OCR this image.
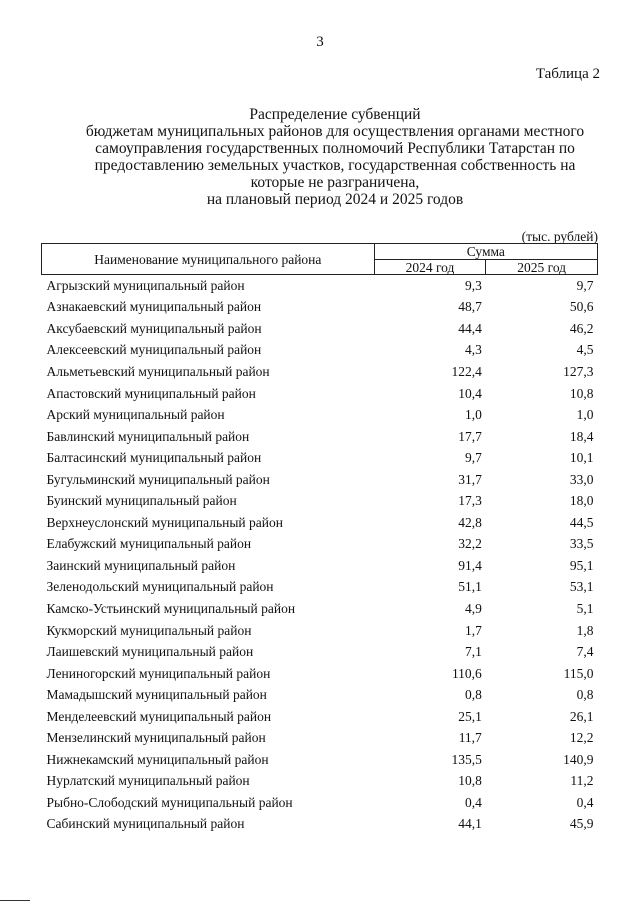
3
Таблица 2
Распределение субвенций
бюджетам муниципальных районов для осуществления органами местного
самоуправления государственных полномочий Республики Татарстан по
предоставлению земельных участков, государственная собственность на
которые не разграничена,
на плановый период 2024 и 2025 годов
(тыс. рублей)
Наименование муниципального района	Сумма	
	2024 год	2025 год
Агрызский муниципальный район	9,3	9,7
Азнакаевский муниципальный район	48,7	50,6
Аксубаевский муниципальный район	44,4	46,2
Алексеевский муниципальный район	4,3	4,5
Альметьевский муниципальный район	122,4	127,3
Апастовский муниципальный район	10,4	10,8
Арский муниципальный район	1,0	1,0
Бавлинский муниципальный район	17,7	18,4
Балтасинский муниципальный район	9,7	10,1
Бугульминский муниципальный район	31,7	33,0
Буинский муниципальный район	17,3	18,0
Верхнеуслонский муниципальный район	42,8	44,5
Елабужский муниципальный район	32,2	33,5
Заинский муниципальный район	91,4	95,1
Зеленодольский муниципальный район	51,1	53,1
Камско-Устьинский муниципальный район	4,9	5,1
Кукморский муниципальный район	1,7	1,8
Лаишевский муниципальный район	7,1	7,4
Лениногорский муниципальный район	110,6	115,0
Мамадышский муниципальный район	0,8	0,8
Менделеевский муниципальный район	25,1	26,1
Мензелинский муниципальный район	11,7	12,2
Нижнекамский муниципальный район	135,5	140,9
Нурлатский муниципальный район	10,8	11,2
Рыбно-Слободский муниципальный район	0,4	0,4
Сабинский муниципальный район	44,1	45,9
